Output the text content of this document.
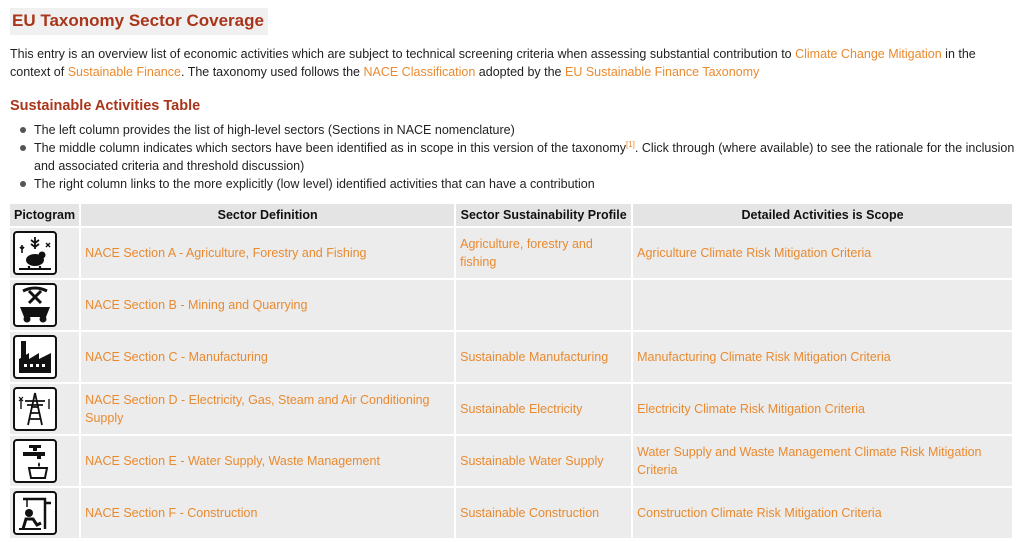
EU Taxonomy Sector Coverage

This entry is an overview list of economic activities which are subject to technical screening criteria when assessing substantial contribution to Climate Change Mitigation in the context of Sustainable Finance. The taxonomy used follows the NACE Classification adopted by the EU Sustainable Finance Taxonomy

Sustainable Activities Table
The left column provides the list of high-level sectors (Sections in NACE nomenclature)
The middle column indicates which sectors have been identified as in scope in this version of the taxonomy[1]. Click through (where available) to see the rationale for the inclusion and associated criteria and threshold discussion)
The right column links to the more explicitly (low level) identified activities that can have a contribution
Pictogram	Sector Definition	Sector Sustainability Profile	Detailed Activities is Scope

	NACE Section A - Agriculture, Forestry and Fishing	Agriculture, forestry and fishing	Agriculture Climate Risk Mitigation Criteria

	NACE Section B - Mining and Quarrying		

	NACE Section C - Manufacturing	Sustainable Manufacturing	Manufacturing Climate Risk Mitigation Criteria

	NACE Section D - Electricity, Gas, Steam and Air Conditioning Supply	Sustainable Electricity	Electricity Climate Risk Mitigation Criteria

	NACE Section E - Water Supply, Waste Management	Sustainable Water Supply	Water Supply and Waste Management Climate Risk Mitigation Criteria

	NACE Section F - Construction	Sustainable Construction	Construction Climate Risk Mitigation Criteria
